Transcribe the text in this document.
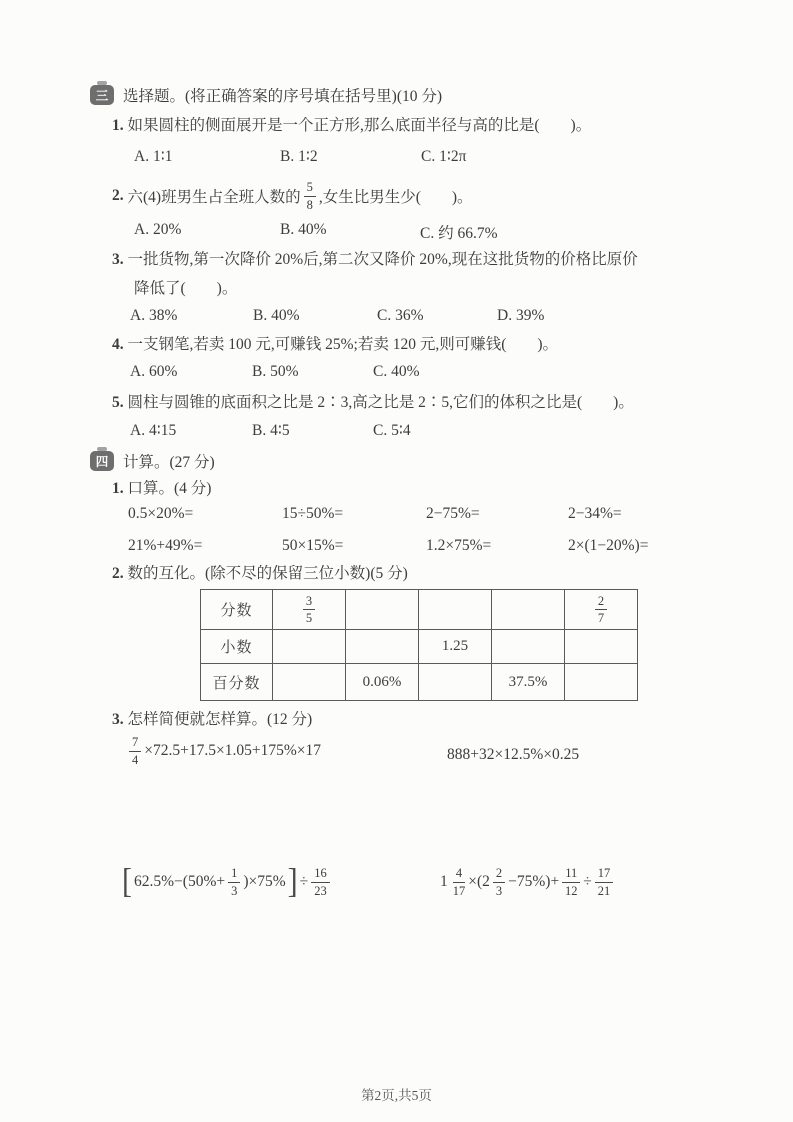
三 选择题。(将正确答案的序号填在括号里)(10 分)
1. 如果圆柱的侧面展开是一个正方形,那么底面半径与高的比是(        )。
A. 1∶1	B. 1∶2	C. 1∶2π
2. 六(4)班男生占全班人数的 $\frac{5}{8}$ ,女生比男生少(        )。
A. 20%	B. 40%	C. 约 66.7%
3. 一批货物,第一次降价 20%后,第二次又降价 20%,现在这批货物的价格比原价
降低了(        )。
A. 38%	B. 40%	C. 36%	D. 39%
4. 一支钢笔,若卖 100 元,可赚钱 25%;若卖 120 元,则可赚钱(        )。
A. 60%	B. 50%	C. 40%
5. 圆柱与圆锥的底面积之比是 2∶3,高之比是 2∶5,它们的体积之比是(        )。
A. 4∶15	B. 4∶5	C. 5∶4
四 计算。(27 分)
1. 口算。(4 分)
0.5×20%=	15÷50%=	2−75%=	2−34%=
21%+49%=	50×15%=	1.2×75%=	2×(1−20%)=
2. 数的互化。(除不尽的保留三位小数)(5 分)
分数	$\frac{3}{5}$				$\frac{2}{7}$

小数			1.25		
百分数		0.06%		37.5%	
3. 怎样简便就怎样算。(12 分)
$\frac{7}{4} \times 72.5+17.5\times 1.05+175\%\times 17$	888+32×12.5%×0.25
[ $62.5\%-(50\%+ \frac{1}{3} )\times 75\%$ ] ÷ $\frac{16}{23}$	$1 \frac{4}{17} \times(2 \frac{2}{3} -75\%)+ \frac{11}{12} \div \frac{17}{21}$
第2页,共5页
